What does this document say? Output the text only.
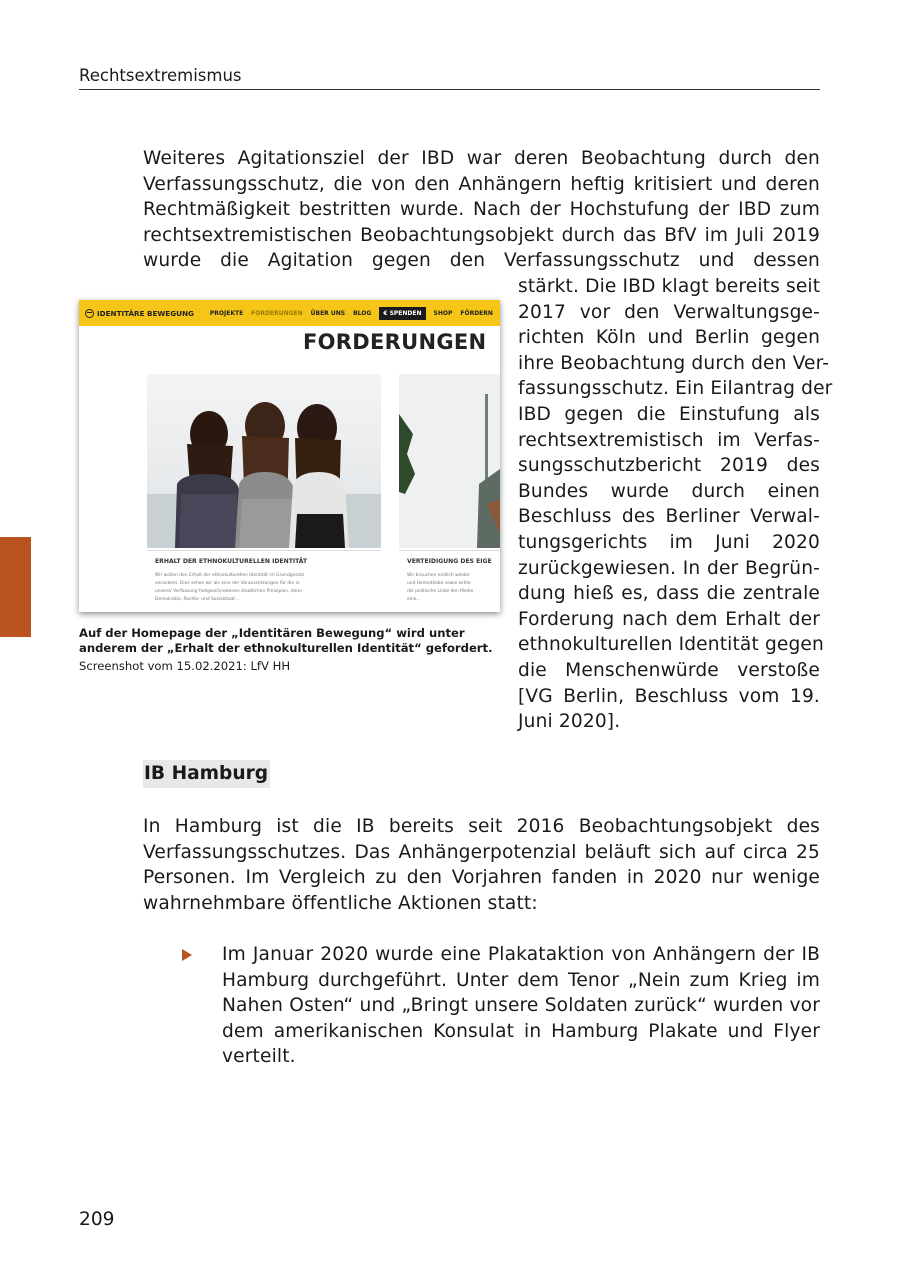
Rechtsextremismus

Weiteres Agitationsziel der IBD war deren Beobachtung durch den Verfassungsschutz, die von den Anhängern heftig kritisiert und deren Rechtmäßigkeit bestritten wurde. Nach der Hochstufung der IBD zum rechtsextremistischen Beobachtungsobjekt durch das BfV im Juli 2019 wurde die Agitation gegen den Verfassungsschutz und dessen

stärkt. Die IBD klagt bereits seit
2017 vor den Verwaltungsge-
richten Köln und Berlin gegen
ihre Beobachtung durch den Ver-
fassungsschutz. Ein Eilantrag der
IBD gegen die Einstufung als
rechtsextremistisch im Verfas-
sungsschutzbericht 2019 des
Bundes wurde durch einen
Beschluss des Berliner Verwal-
tungsgerichts im Juni 2020
zurückgewiesen. In der Begrün-
dung hieß es, dass die zentrale
Forderung nach dem Erhalt der
ethnokulturellen Identität gegen
die Menschenwürde verstoße
[VG Berlin, Beschluss vom 19.
Juni 2020].
IDENTITÄRE BEWEGUNG	PROJEKTE FORDERUNGEN ÜBER UNS BLOG	€ SPENDEN	SHOP FÖRDERN
FORDERUNGEN
ERHALT DER ETHNOKULTURELLEN IDENTITÄT
Wir wollen den Erhalt der ethnokulturellen Identität im Grundgesetz
verankern. Dies sehen wir als eine der Voraussetzungen für die in
unserer Verfassung festgeschriebenen staatlichen Prinzipien, denn
Demokratie, Rechts- und Sozialstaat...
VERTEIDIGUNG DES EIGE
Wir brauchen endlich wieder
und Heimatliebe sowie echte
die politische Linke den Medie
eine...
Auf der Homepage der „Identitären Bewegung“ wird unter anderem der „Erhalt der ethnokulturellen Identität“ gefordert.
Screenshot vom 15.02.2021: LfV HH
IB Hamburg

In Hamburg ist die IB bereits seit 2016 Beobachtungsobjekt des Verfassungsschutzes. Das Anhängerpotenzial beläuft sich auf circa 25 Personen. Im Vergleich zu den Vorjahren fanden in 2020 nur wenige wahrnehmbare öffentliche Aktionen statt:

Im Januar 2020 wurde eine Plakataktion von Anhängern der IB Hamburg durchgeführt. Unter dem Tenor „Nein zum Krieg im Nahen Osten“ und „Bringt unsere Soldaten zurück“ wurden vor dem amerikanischen Konsulat in Hamburg Plakate und Flyer verteilt.
209
